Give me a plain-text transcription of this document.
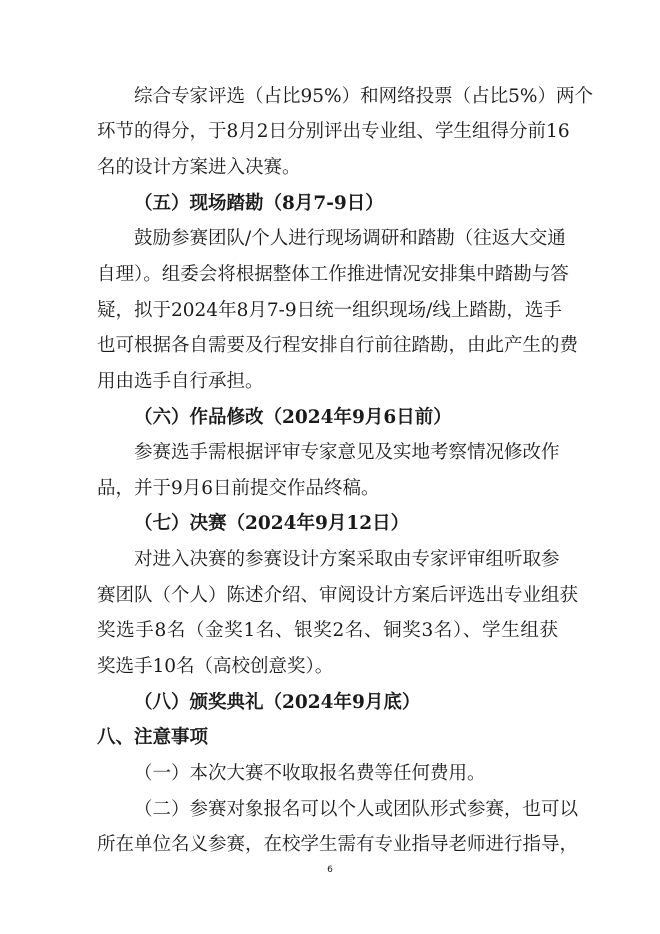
综合专家评选（占比95%）和网络投票（占比5%）两个
环节的得分，于8月2日分别评出专业组、学生组得分前16
名的设计方案进入决赛。
（五）现场踏勘（8月7-9日）
鼓励参赛团队/个人进行现场调研和踏勘（往返大交通
自理）。组委会将根据整体工作推进情况安排集中踏勘与答
疑，拟于2024年8月7-9日统一组织现场/线上踏勘，选手
也可根据各自需要及行程安排自行前往踏勘，由此产生的费
用由选手自行承担。
（六）作品修改（2024年9月6日前）
参赛选手需根据评审专家意见及实地考察情况修改作
品，并于9月6日前提交作品终稿。
（七）决赛（2024年9月12日）
对进入决赛的参赛设计方案采取由专家评审组听取参
赛团队（个人）陈述介绍、审阅设计方案后评选出专业组获
奖选手8名（金奖1名、银奖2名、铜奖3名）、学生组获
奖选手10名（高校创意奖）。
（八）颁奖典礼（2024年9月底）
八、注意事项
（一）本次大赛不收取报名费等任何费用。
（二）参赛对象报名可以个人或团队形式参赛，也可以
所在单位名义参赛，在校学生需有专业指导老师进行指导，
6
